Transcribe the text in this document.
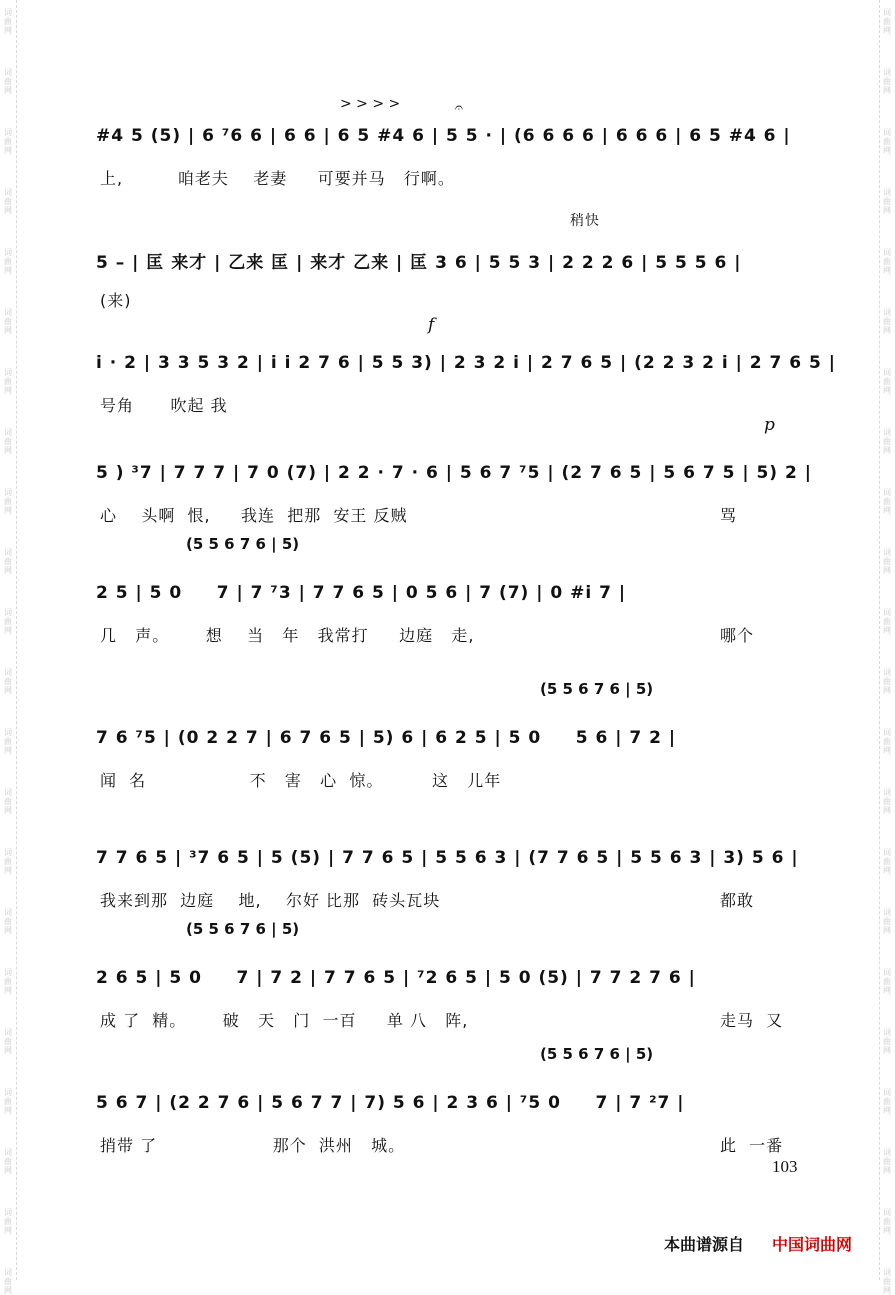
词曲网
词曲网
词曲网
词曲网
词曲网
词曲网
词曲网
词曲网
词曲网
词曲网
词曲网
词曲网
词曲网
词曲网
词曲网
词曲网
词曲网
词曲网
词曲网
词曲网
词曲网
词曲网
词曲网
词曲网
词曲网
词曲网
词曲网
词曲网
词曲网
词曲网
词曲网
词曲网
词曲网
词曲网
词曲网
词曲网
词曲网
词曲网
词曲网
词曲网
词曲网
词曲网
词曲网
词曲网
#4 5 (5) | 6 ⁷6 6 | 6 6 | 6 5 #4 6 | 5 5 · | (6 6 6 6 | 6 6 6 | 6 5 #4 6 |
上,         咱老夫    老妻     可要并马   行啊。
> > > >	𝄐
5 – | 匡 来才 | 乙来 匡 | 来才 乙来 | 匡 3 6 | 5 5 3 | 2 2 2 6 | 5 5 5 6 |
(来)
稍快
i · 2 | 3 3 5 3 2 | i i 2 7 6 | 5 5 3) | 2 3 2 i | 2 7 6 5 | (2 2 3 2 i | 2 7 6 5 |
号角      吹起 我
f
5 ) ³7 | 7 7 7 | 7 0 (7) | 2 2 · 7 · 6 | 5 6 7 ⁷5 | (2 7 6 5 | 5 6 7 5 | 5) 2 |
心    头啊  恨,     我连  把那  安王 反贼	骂
p
2 5 | 5 0     7 | 7 ⁷3 | 7 7 6 5 | 0 5 6 | 7 (7) | 0 #i 7 |
几   声。      想    当   年   我常打     边庭   走,	哪个
(5 5 6 7 6 | 5)
7 6 ⁷5 | (0 2 2 7 | 6 7 6 5 | 5) 6 | 6 2 5 | 5 0     5 6 | 7 2 |
闻  名                 不   害   心  惊。        这   儿年
(5 5 6 7 6 | 5)
7 7 6 5 | ³7 6 5 | 5 (5) | 7 7 6 5 | 5 5 6 3 | (7 7 6 5 | 5 5 6 3 | 3) 5 6 |
我来到那  边庭    地,    尔好 比那  砖头瓦块	都敢
2 6 5 | 5 0     7 | 7 2 | 7 7 6 5 | ⁷2 6 5 | 5 0 (5) | 7 7 2 7 6 |
成 了  精。      破   天   门  一百     单 八   阵,	走马  又
(5 5 6 7 6 | 5)
5 6 7 | (2 2 7 6 | 5 6 7 7 | 7) 5 6 | 2 3 6 | ⁷5 0     7 | 7 ²7 |
捎带 了                   那个  洪州   城。	此  一番
(5 5 6 7 6 | 5)
103
本曲谱源自 中国词曲网
